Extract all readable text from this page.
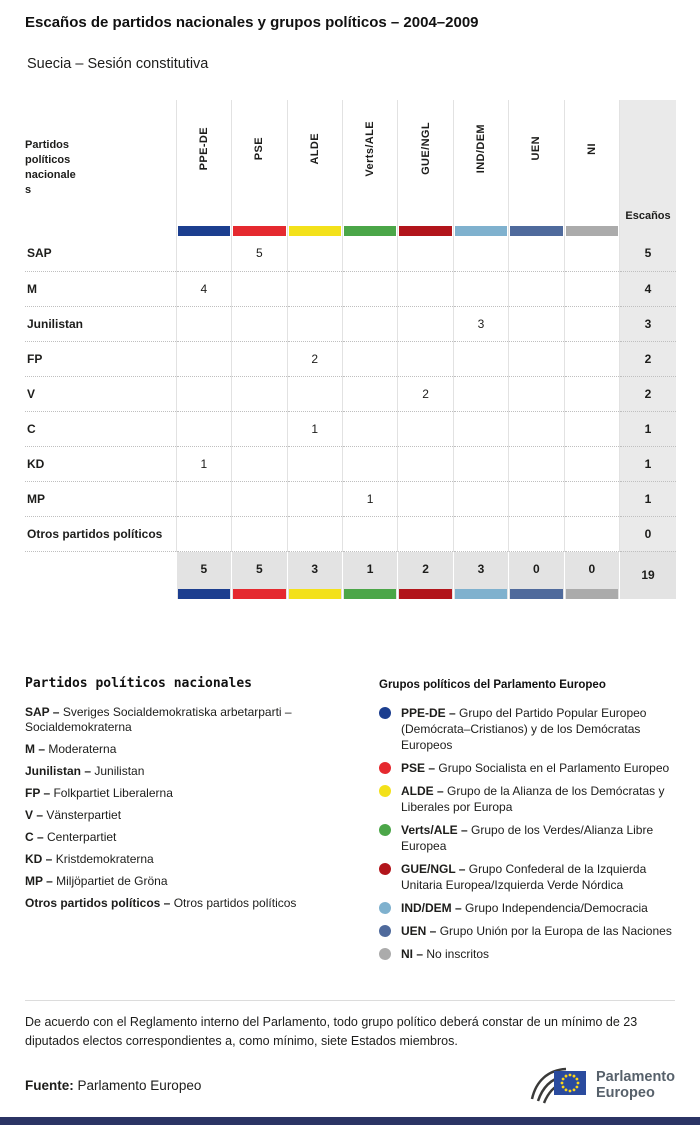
Escaños de partidos nacionales y grupos políticos – 2004–2009
Suecia – Sesión constitutiva
Partidos políticos nacionales	PPE-DE	PSE	ALDE	Verts/ALE	GUE/NGL	IND/DEM	UEN	NI	Escaños
SAP		5							5
M	4								4
Junilistan						3			3
FP			2						2
V					2				2
C			1						1
KD	1								1
MP				1					1
Otros partidos políticos									0
	5	5	3	1	2	3	0	0	19
Partidos políticos nacionales
SAP – Sveriges Socialdemokratiska arbetarparti – Socialdemokraterna
M – Moderaterna
Junilistan – Junilistan
FP – Folkpartiet Liberalerna
V – Vänsterpartiet
C – Centerpartiet
KD – Kristdemokraterna
MP – Miljöpartiet de Gröna
Otros partidos políticos – Otros partidos políticos
Grupos políticos del Parlamento Europeo
PPE-DE – Grupo del Partido Popular Europeo (Demócrata–Cristianos) y de los Demócratas Europeos
PSE – Grupo Socialista en el Parlamento Europeo
ALDE – Grupo de la Alianza de los Demócratas y Liberales por Europa
Verts/ALE – Grupo de los Verdes/Alianza Libre Europea
GUE/NGL – Grupo Confederal de la Izquierda Unitaria Europea/Izquierda Verde Nórdica
IND/DEM – Grupo Independencia/Democracia
UEN – Grupo Unión por la Europa de las Naciones
NI – No inscritos
De acuerdo con el Reglamento interno del Parlamento, todo grupo político deberá constar de un mínimo de 23 diputados electos correspondientes a, como mínimo, siete Estados miembros.
Fuente: Parlamento Europeo	Parlamento
Europeo
